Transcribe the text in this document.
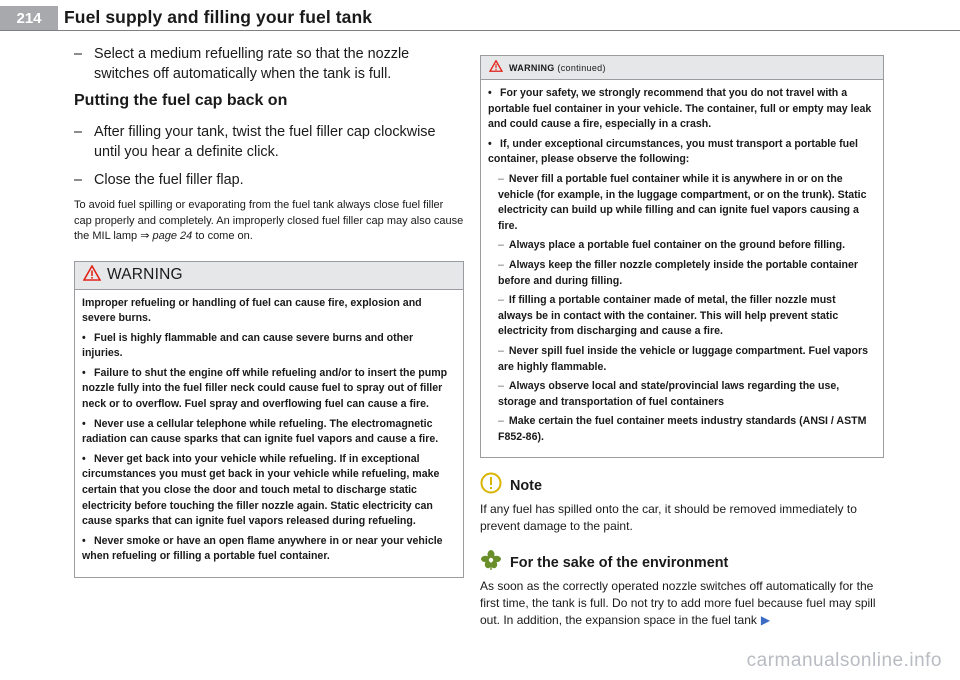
214	Fuel supply and filling your fuel tank
– Select a medium refuelling rate so that the nozzle switches off automatically when the tank is full.
Putting the fuel cap back on
– After filling your tank, twist the fuel filler cap clockwise until you hear a definite click.
– Close the fuel filler flap.

To avoid fuel spilling or evaporating from the fuel tank always close fuel filler cap properly and completely. An improperly closed fuel filler cap may also cause the MIL lamp ⇒ page 24 to come on.

WARNING

Improper refueling or handling of fuel can cause fire, explosion and severe burns.

• Fuel is highly flammable and can cause severe burns and other injuries.

• Failure to shut the engine off while refueling and/or to insert the pump nozzle fully into the fuel filler neck could cause fuel to spray out of filler neck or to overflow. Fuel spray and overflowing fuel can cause a fire.

• Never use a cellular telephone while refueling. The electromagnetic radiation can cause sparks that can ignite fuel vapors and cause a fire.

• Never get back into your vehicle while refueling. If in exceptional circumstances you must get back in your vehicle while refueling, make certain that you close the door and touch metal to discharge static electricity before touching the filler nozzle again. Static electricity can cause sparks that can ignite fuel vapors released during refueling.

• Never smoke or have an open flame anywhere in or near your vehicle when refueling or filling a portable fuel container.

WARNING (continued)

• For your safety, we strongly recommend that you do not travel with a portable fuel container in your vehicle. The container, full or empty may leak and could cause a fire, especially in a crash.

• If, under exceptional circumstances, you must transport a portable fuel container, please observe the following:

– Never fill a portable fuel container while it is anywhere in or on the vehicle (for example, in the luggage compartment, or on the trunk). Static electricity can build up while filling and can ignite fuel vapors causing a fire.
– Always place a portable fuel container on the ground before filling.
– Always keep the filler nozzle completely inside the portable container before and during filling.
– If filling a portable container made of metal, the filler nozzle must always be in contact with the container. This will help prevent static electricity from discharging and cause a fire.
– Never spill fuel inside the vehicle or luggage compartment. Fuel vapors are highly flammable.
– Always observe local and state/provincial laws regarding the use, storage and transportation of fuel containers
– Make certain the fuel container meets industry standards (ANSI / ASTM F852-86).
Note

If any fuel has spilled onto the car, it should be removed immediately to prevent damage to the paint.

For the sake of the environment

As soon as the correctly operated nozzle switches off automatically for the first time, the tank is full. Do not try to add more fuel because fuel may spill out. In addition, the expansion space in the fuel tank ▶

carmanualsonline.info
